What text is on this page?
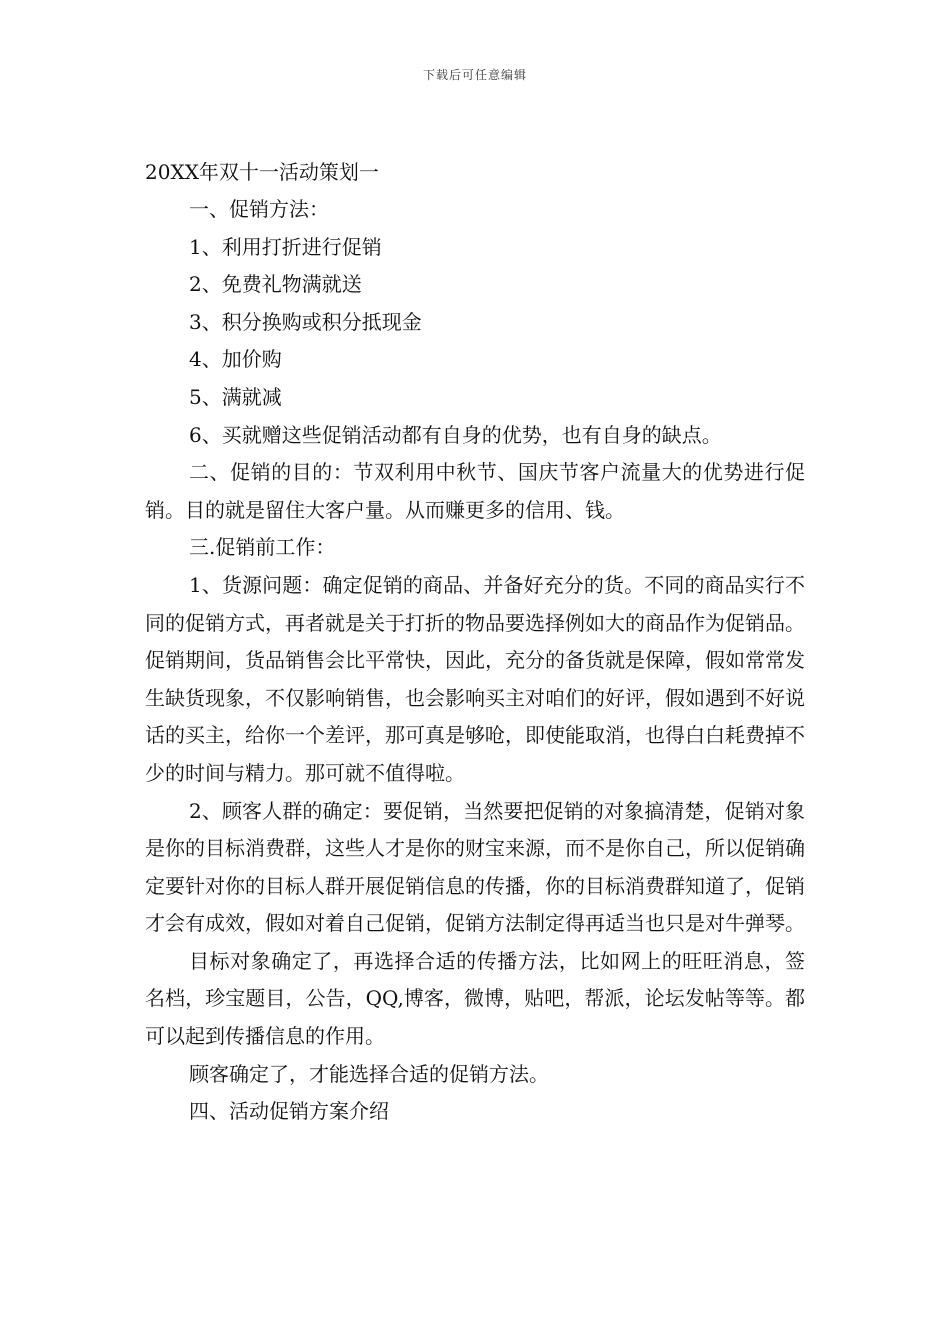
下载后可任意编辑
20XX年双十一活动策划一

一、促销方法：

1、利用打折进行促销

2、免费礼物满就送

3、积分换购或积分抵现金

4、加价购

5、满就减

6、买就赠这些促销活动都有自身的优势，也有自身的缺点。

二、促销的目的：节双利用中秋节、国庆节客户流量大的优势进行促销。目的就是留住大客户量。从而赚更多的信用、钱。

三.促销前工作：

1、货源问题：确定促销的商品、并备好充分的货。不同的商品实行不同的促销方式，再者就是关于打折的物品要选择例如大的商品作为促销品。促销期间，货品销售会比平常快，因此，充分的备货就是保障，假如常常发生缺货现象，不仅影响销售，也会影响买主对咱们的好评，假如遇到不好说话的买主，给你一个差评，那可真是够呛，即使能取消，也得白白耗费掉不少的时间与精力。那可就不值得啦。

2、顾客人群的确定：要促销，当然要把促销的对象搞清楚，促销对象是你的目标消费群，这些人才是你的财宝来源，而不是你自己，所以促销确定要针对你的目标人群开展促销信息的传播，你的目标消费群知道了，促销才会有成效，假如对着自己促销，促销方法制定得再适当也只是对牛弹琴。

目标对象确定了，再选择合适的传播方法，比如网上的旺旺消息，签名档，珍宝题目，公告，QQ,博客，微博，贴吧，帮派，论坛发帖等等。都可以起到传播信息的作用。

顾客确定了，才能选择合适的促销方法。

四、活动促销方案介绍
